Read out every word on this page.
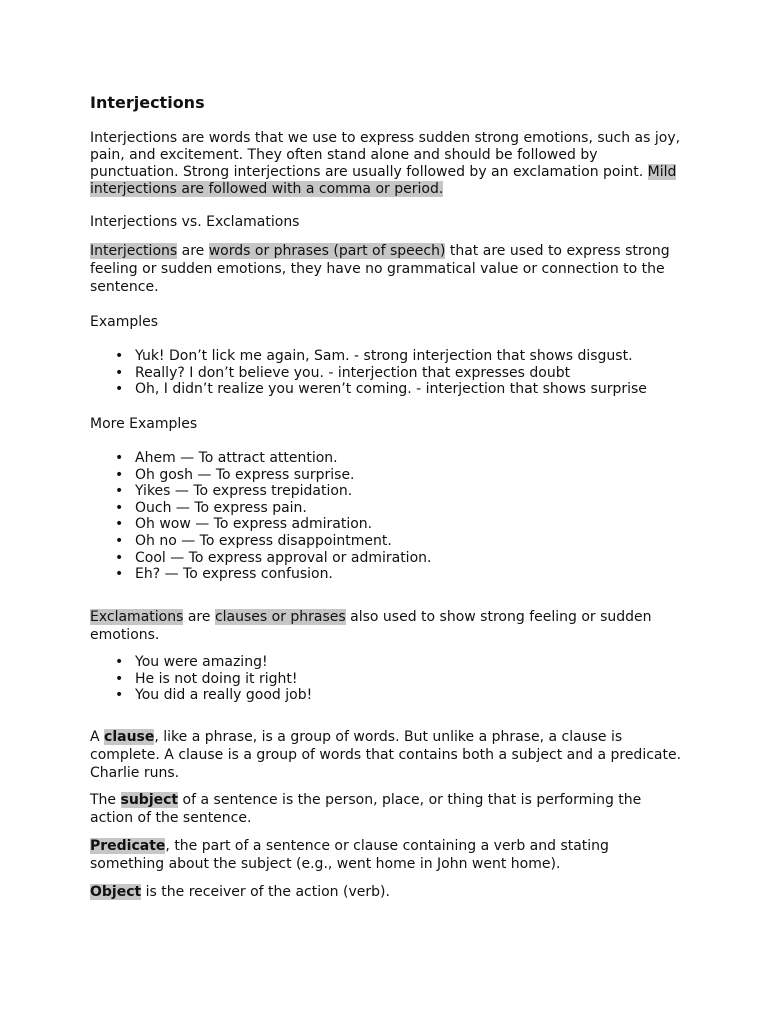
Interjections

Interjections are words that we use to express sudden strong emotions, such as joy, pain, and excitement. They often stand alone and should be followed by punctuation. Strong interjections are usually followed by an exclamation point. Mild interjections are followed with a comma or period.

Interjections vs. Exclamations

Interjections are words or phrases (part of speech) that are used to express strong feeling or sudden emotions, they have no grammatical value or connection to the sentence.

Examples
• Yuk! Don’t lick me again, Sam. - strong interjection that shows disgust.
• Really? I don’t believe you. - interjection that expresses doubt
• Oh, I didn’t realize you weren’t coming. - interjection that shows surprise
More Examples
• Ahem — To attract attention.
• Oh gosh — To express surprise.
• Yikes — To express trepidation.
• Ouch — To express pain.
• Oh wow — To express admiration.
• Oh no — To express disappointment.
• Cool — To express approval or admiration.
• Eh? — To express confusion.

Exclamations are clauses or phrases also used to show strong feeling or sudden emotions.

• You were amazing!
• He is not doing it right!
• You did a really good job!

A clause, like a phrase, is a group of words. But unlike a phrase, a clause is complete. A clause is a group of words that contains both a subject and a predicate. Charlie runs.

The subject of a sentence is the person, place, or thing that is performing the action of the sentence.

Predicate, the part of a sentence or clause containing a verb and stating something about the subject (e.g., went home in John went home).

Object is the receiver of the action (verb).
